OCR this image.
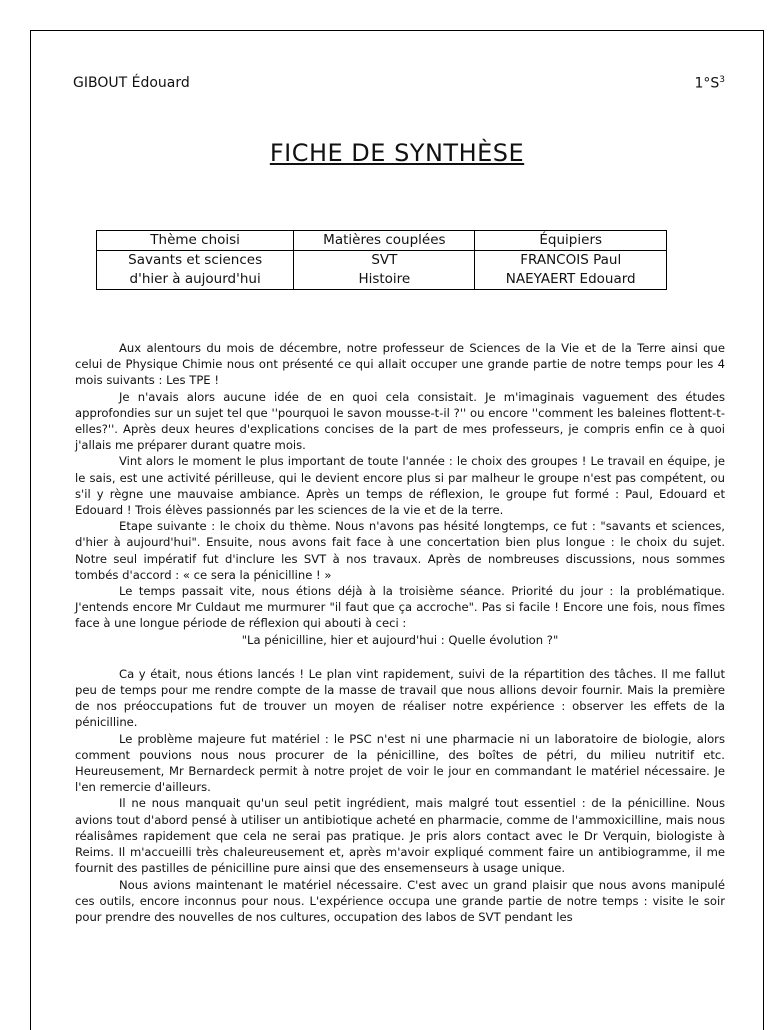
GIBOUT Édouard	$1^\circ S^3$
FICHE DE SYNTHÈSE
Thème choisi	Matières couplées	Équipiers
Savants et sciences	SVT	FRANCOIS Paul
d'hier à aujourd'hui	Histoire	NAEYAERT Edouard

Aux alentours du mois de décembre, notre professeur de Sciences de la Vie et de la Terre ainsi que celui de Physique Chimie nous ont présenté ce qui allait occuper une grande partie de notre temps pour les 4 mois suivants : Les TPE !

Je n'avais alors aucune idée de en quoi cela consistait. Je m'imaginais vaguement des études approfondies sur un sujet tel que ''pourquoi le savon mousse-t-il ?'' ou encore ''comment les baleines flottent-t-elles?''. Après deux heures d'explications concises de la part de mes professeurs, je compris enfin ce à quoi j'allais me préparer durant quatre mois.

Vint alors le moment le plus important de toute l'année : le choix des groupes ! Le travail en équipe, je le sais, est une activité périlleuse, qui le devient encore plus si par malheur le groupe n'est pas compétent, ou s'il y règne une mauvaise ambiance. Après un temps de réflexion, le groupe fut formé : Paul, Edouard et Edouard ! Trois élèves passionnés par les sciences de la vie et de la terre.

Etape suivante : le choix du thème. Nous n'avons pas hésité longtemps, ce fut : "savants et sciences, d'hier à aujourd'hui". Ensuite, nous avons fait face à une concertation bien plus longue : le choix du sujet. Notre seul impératif fut d'inclure les SVT à nos travaux. Après de nombreuses discussions, nous sommes tombés d'accord : « ce sera la pénicilline ! »

Le temps passait vite, nous étions déjà à la troisième séance. Priorité du jour : la problématique. J'entends encore Mr Culdaut me murmurer "il faut que ça accroche". Pas si facile ! Encore une fois, nous fîmes face à une longue période de réflexion qui abouti à ceci :

"La pénicilline, hier et aujourd'hui : Quelle évolution ?"

Ca y était, nous étions lancés ! Le plan vint rapidement, suivi de la répartition des tâches. Il me fallut peu de temps pour me rendre compte de la masse de travail que nous allions devoir fournir. Mais la première de nos préoccupations fut de trouver un moyen de réaliser notre expérience : observer les effets de la pénicilline.

Le problème majeure fut matériel : le PSC n'est ni une pharmacie ni un laboratoire de biologie, alors comment pouvions nous nous procurer de la pénicilline, des boîtes de pétri, du milieu nutritif etc. Heureusement, Mr Bernardeck permit à notre projet de voir le jour en commandant le matériel nécessaire. Je l'en remercie d'ailleurs.

Il ne nous manquait qu'un seul petit ingrédient, mais malgré tout essentiel : de la pénicilline. Nous avions tout d'abord pensé à utiliser un antibiotique acheté en pharmacie, comme de l'ammoxicilline, mais nous réalisâmes rapidement que cela ne serai pas pratique. Je pris alors contact avec le Dr Verquin, biologiste à Reims. Il m'accueilli très chaleureusement et, après m'avoir expliqué comment faire un antibiogramme, il me fournit des pastilles de pénicilline pure ainsi que des ensemenseurs à usage unique.

Nous avions maintenant le matériel nécessaire. C'est avec un grand plaisir que nous avons manipulé ces outils, encore inconnus pour nous. L'expérience occupa une grande partie de notre temps : visite le soir pour prendre des nouvelles de nos cultures, occupation des labos de SVT pendant les
